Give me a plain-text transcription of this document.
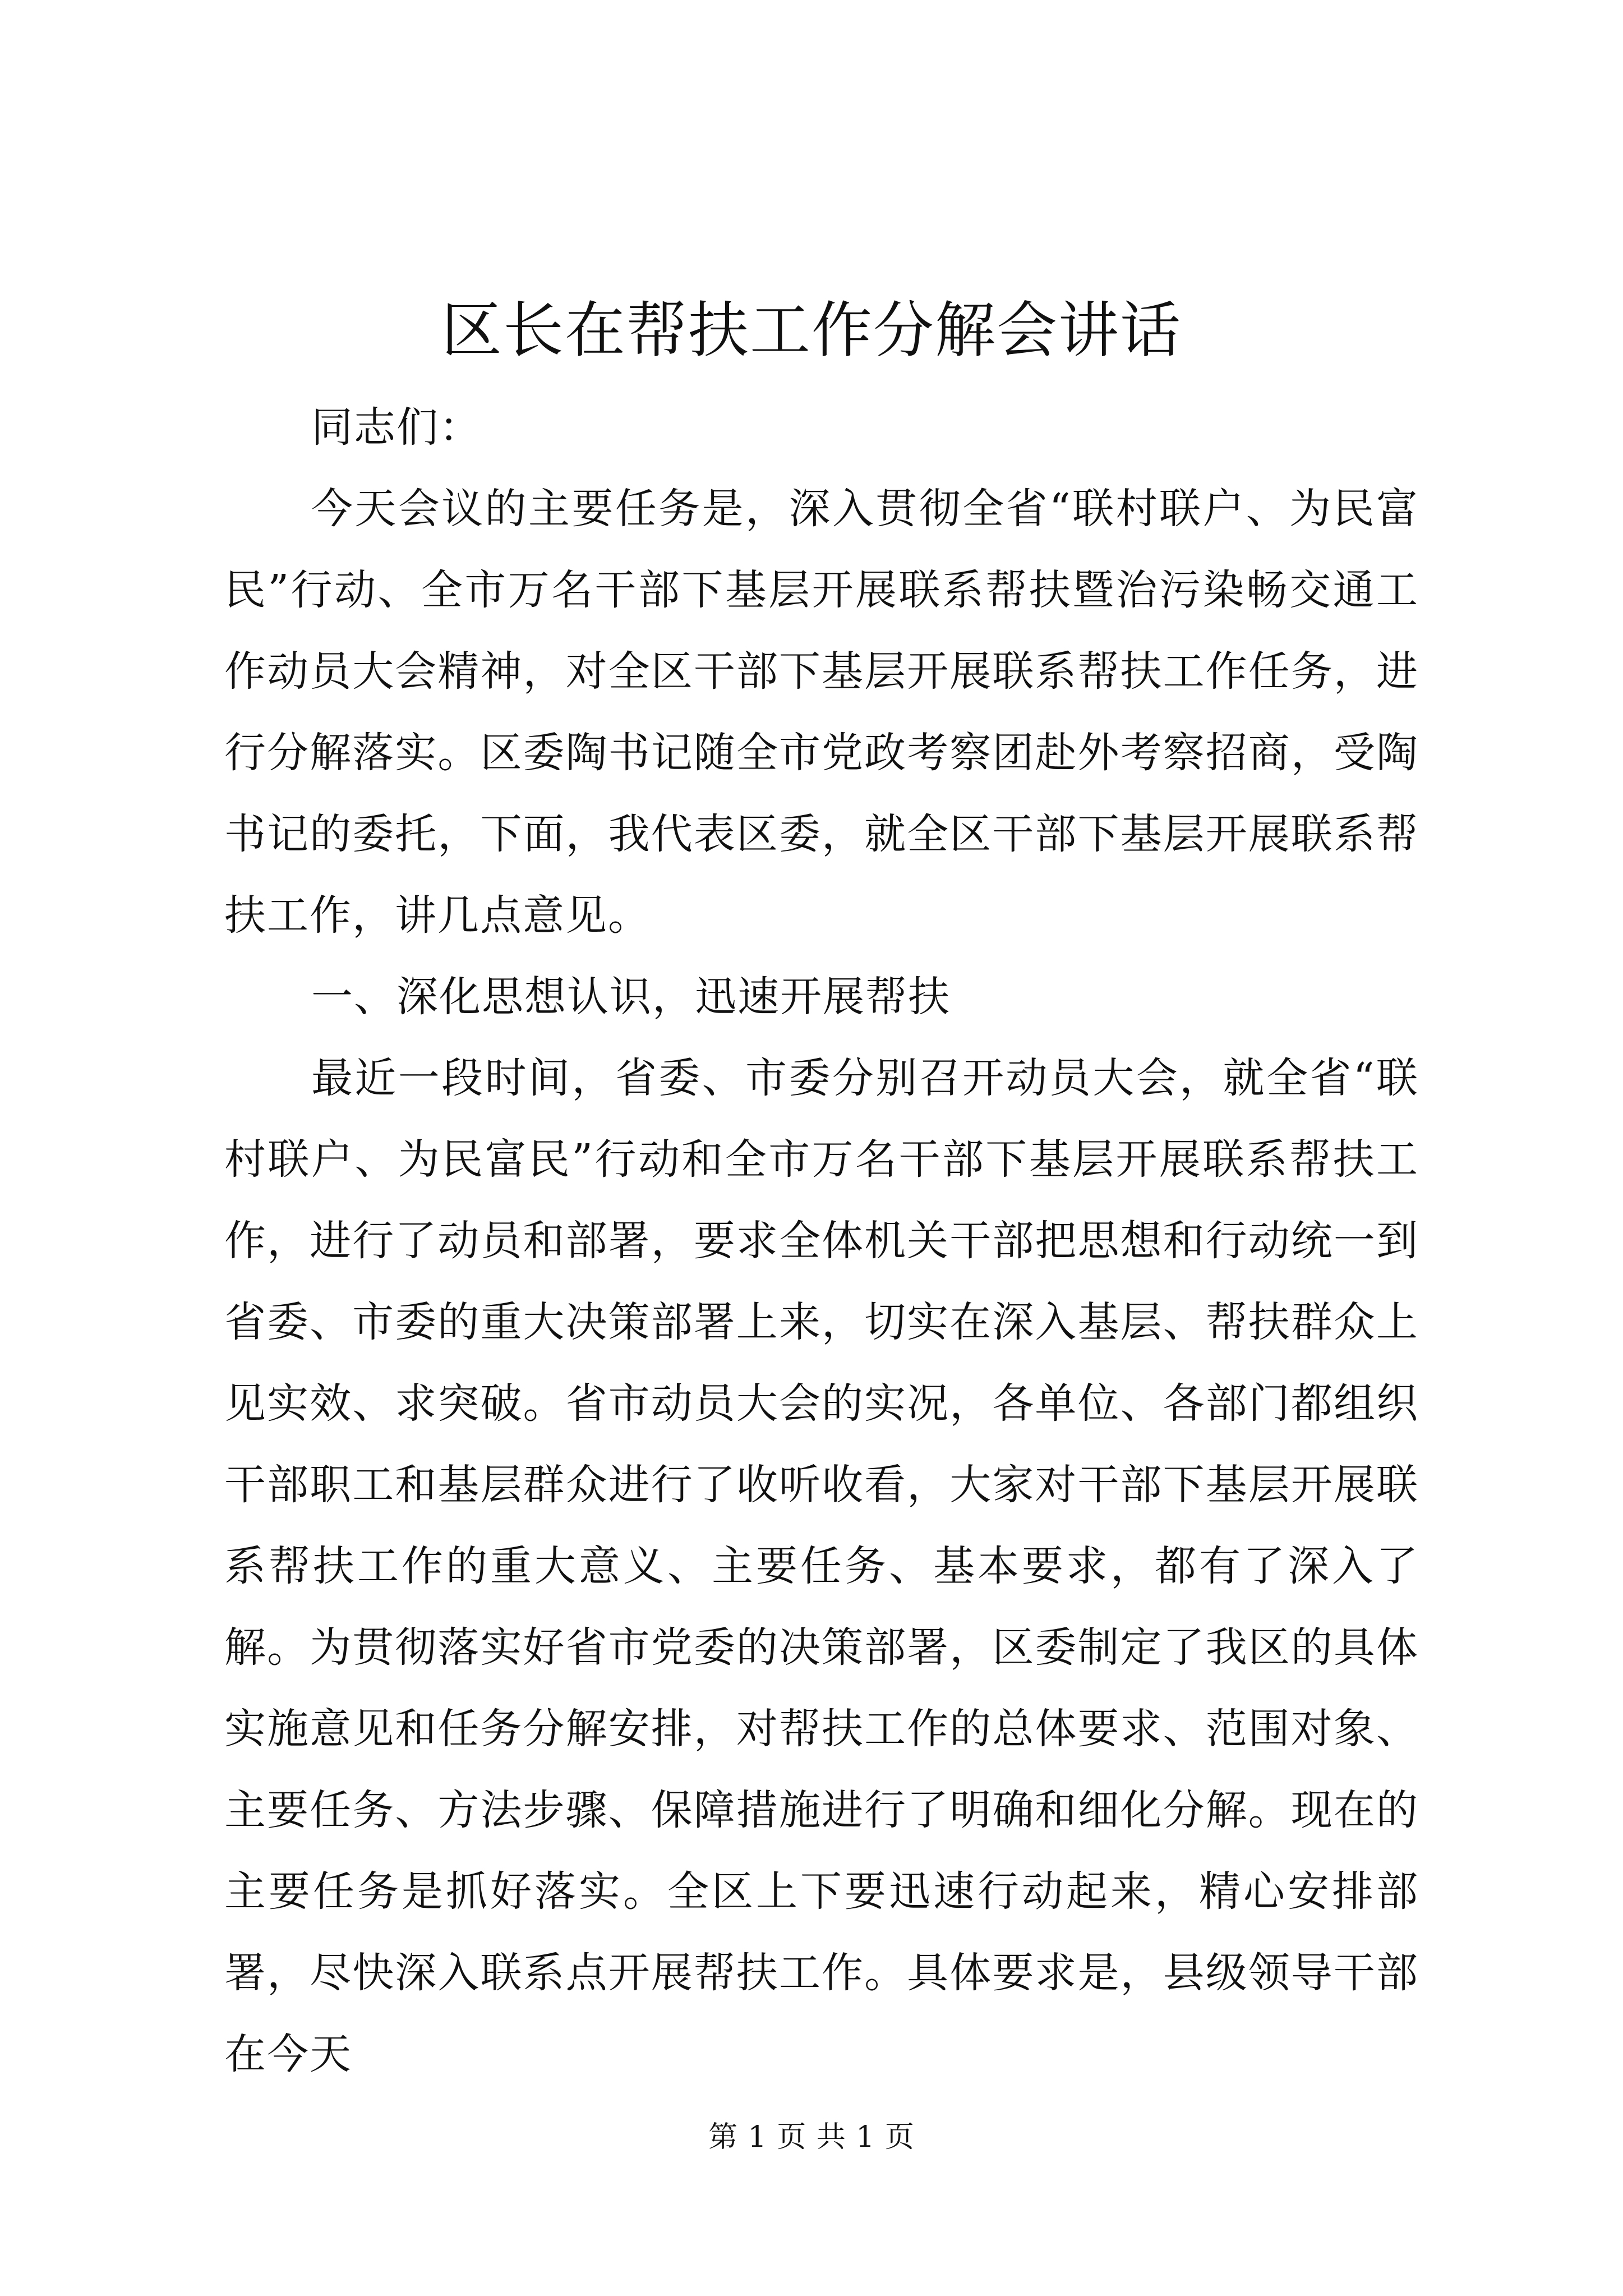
区长在帮扶工作分解会讲话

同志们：

今天会议的主要任务是，深入贯彻全省“联村联户、为民富民”行动、全市万名干部下基层开展联系帮扶暨治污染畅交通工作动员大会精神，对全区干部下基层开展联系帮扶工作任务，进行分解落实。区委陶书记随全市党政考察团赴外考察招商，受陶书记的委托，下面，我代表区委，就全区干部下基层开展联系帮扶工作，讲几点意见。

一、深化思想认识，迅速开展帮扶

最近一段时间，省委、市委分别召开动员大会，就全省“联村联户、为民富民”行动和全市万名干部下基层开展联系帮扶工作，进行了动员和部署，要求全体机关干部把思想和行动统一到省委、市委的重大决策部署上来，切实在深入基层、帮扶群众上见实效、求突破。省市动员大会的实况，各单位、各部门都组织干部职工和基层群众进行了收听收看，大家对干部下基层开展联系帮扶工作的重大意义、主要任务、基本要求，都有了深入了解。为贯彻落实好省市党委的决策部署，区委制定了我区的具体实施意见和任务分解安排，对帮扶工作的总体要求、范围对象、主要任务、方法步骤、保障措施进行了明确和细化分解。现在的主要任务是抓好落实。全区上下要迅速行动起来，精心安排部署，尽快深入联系点开展帮扶工作。具体要求是，县级领导干部在今天

第 1 页 共 1 页
